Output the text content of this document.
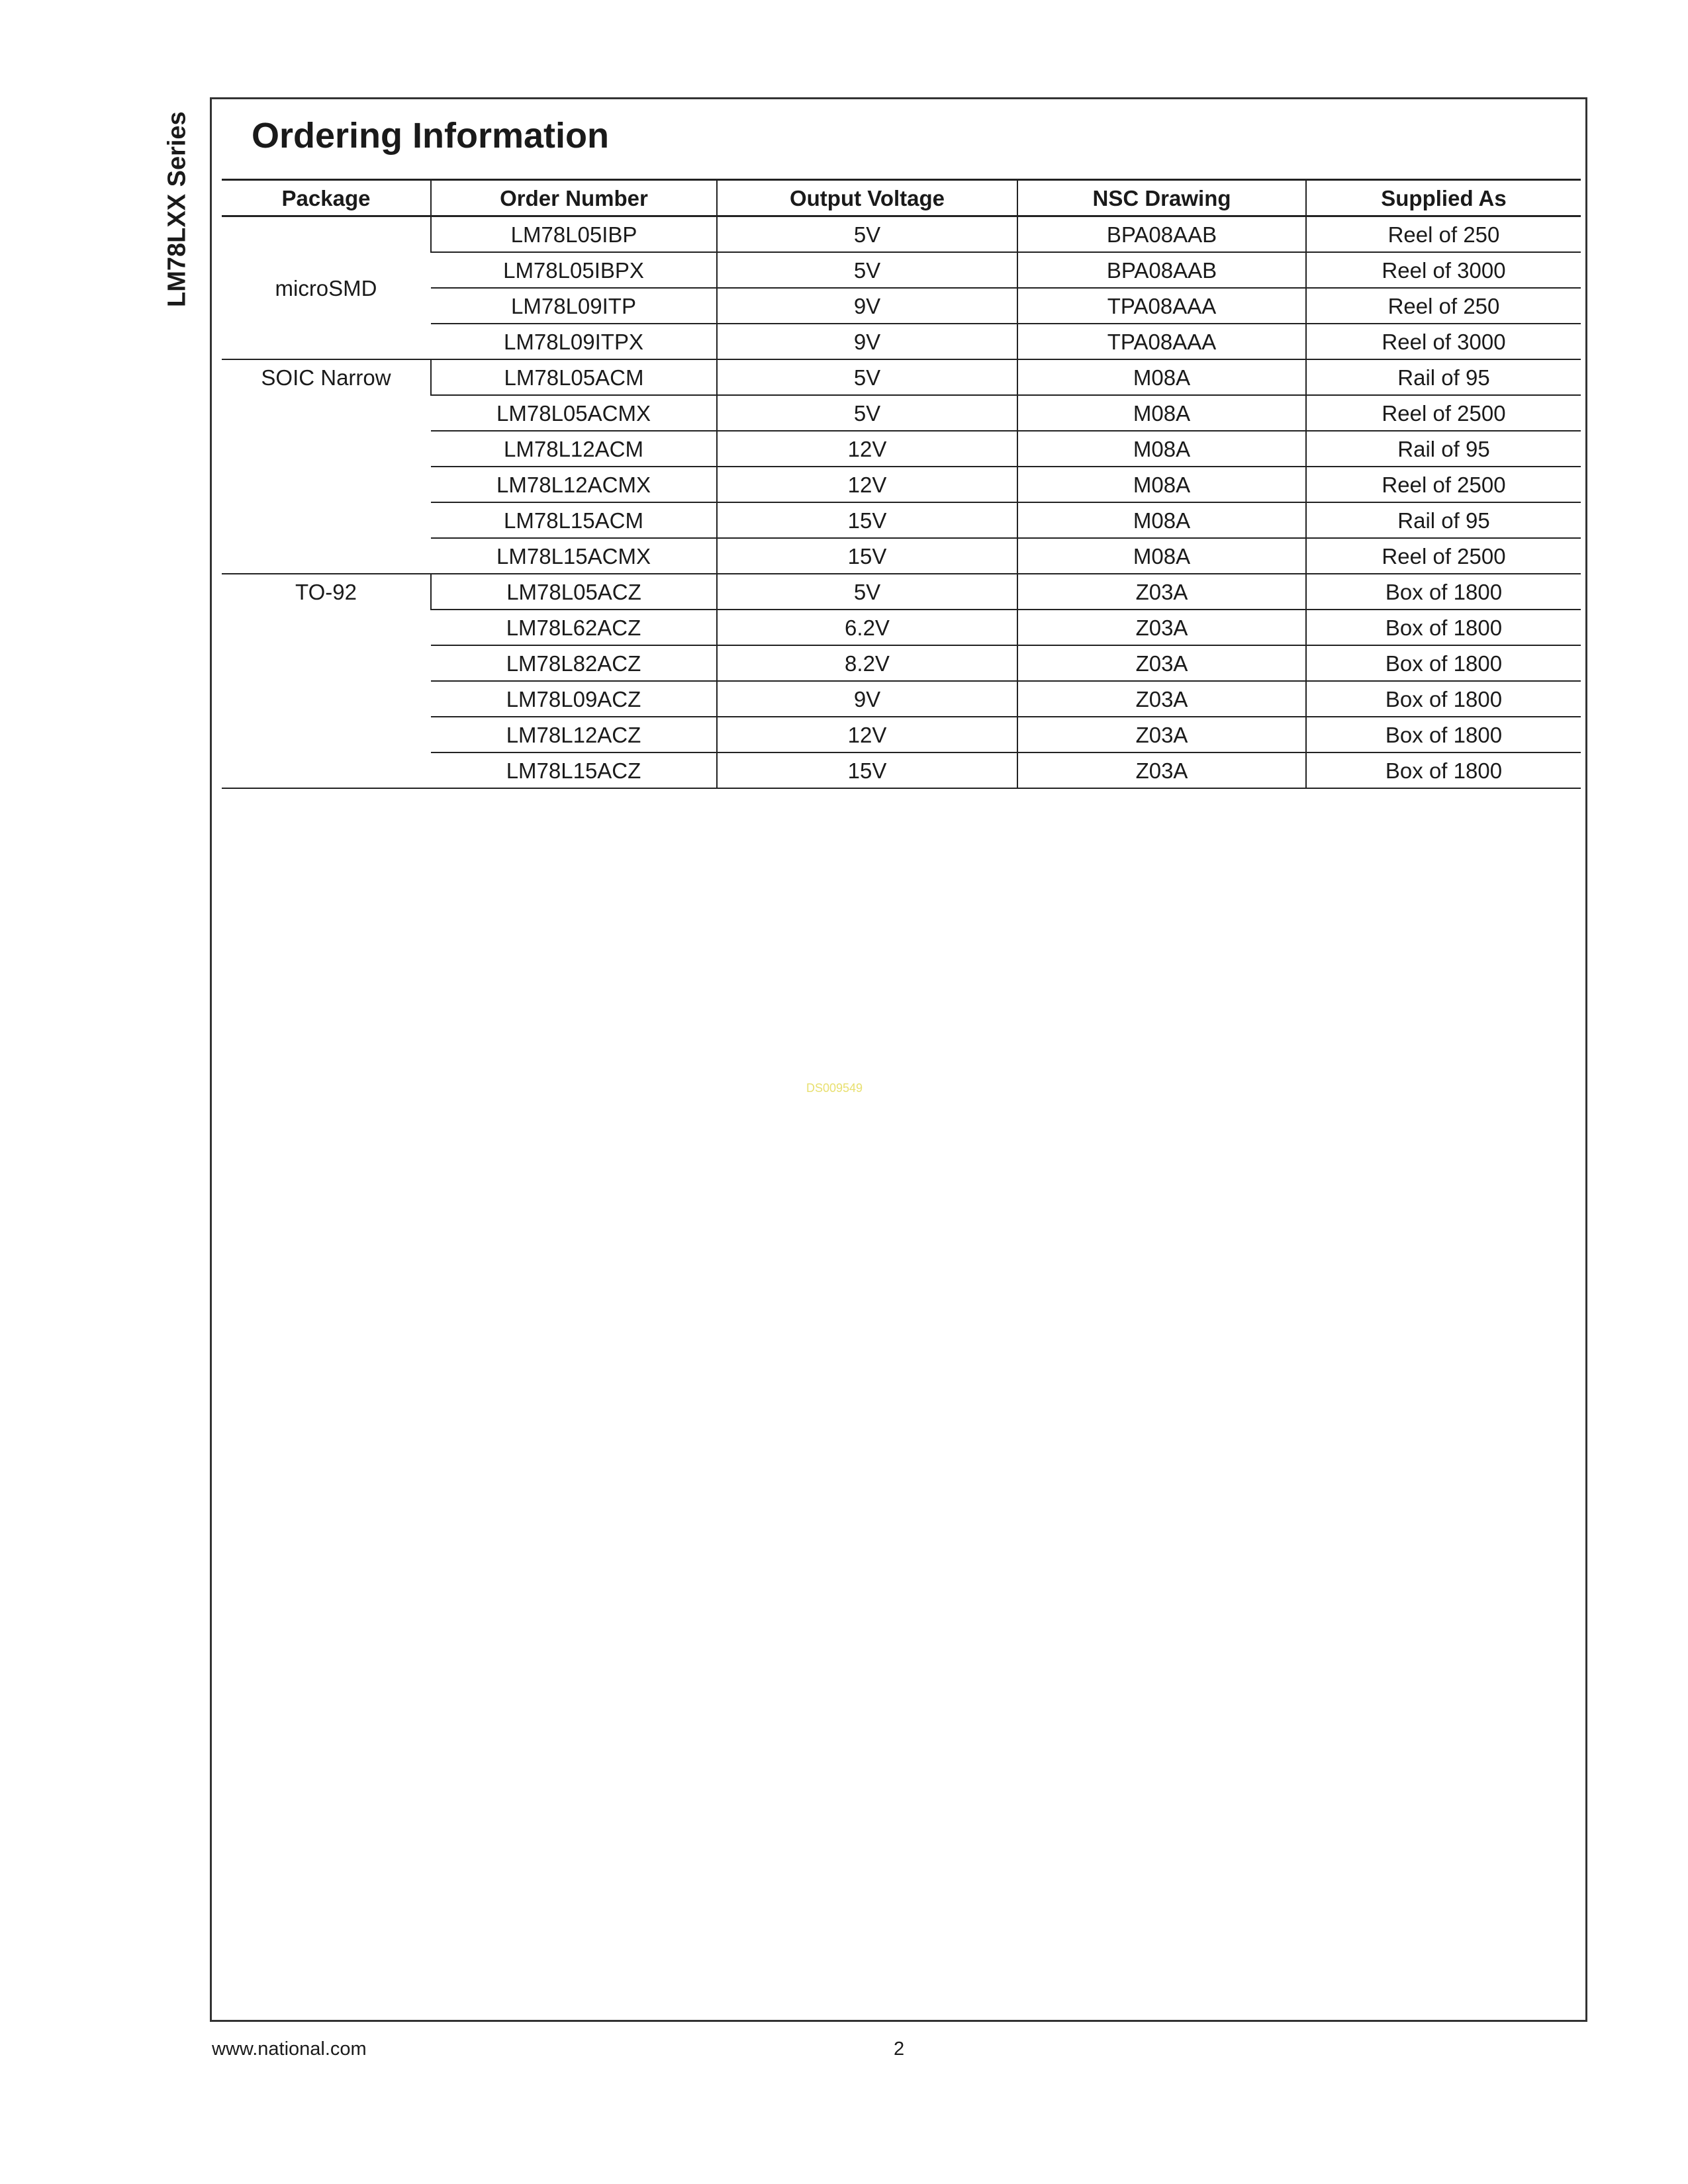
LM78LXX Series Ordering Information
Package	Order Number	Output Voltage	NSC Drawing	Supplied As
microSMD	LM78L05IBP	5V	BPA08AAB	Reel of 250
	LM78L05IBPX	5V	BPA08AAB	Reel of 3000
	LM78L09ITP	9V	TPA08AAA	Reel of 250
	LM78L09ITPX	9V	TPA08AAA	Reel of 3000
SOIC Narrow	LM78L05ACM	5V	M08A	Rail of 95
	LM78L05ACMX	5V	M08A	Reel of 2500
	LM78L12ACM	12V	M08A	Rail of 95
	LM78L12ACMX	12V	M08A	Reel of 2500
	LM78L15ACM	15V	M08A	Rail of 95
	LM78L15ACMX	15V	M08A	Reel of 2500
TO-92	LM78L05ACZ	5V	Z03A	Box of 1800
	LM78L62ACZ	6.2V	Z03A	Box of 1800
	LM78L82ACZ	8.2V	Z03A	Box of 1800
	LM78L09ACZ	9V	Z03A	Box of 1800
	LM78L12ACZ	12V	Z03A	Box of 1800
	LM78L15ACZ	15V	Z03A	Box of 1800
DS009549
www.national.com	2
